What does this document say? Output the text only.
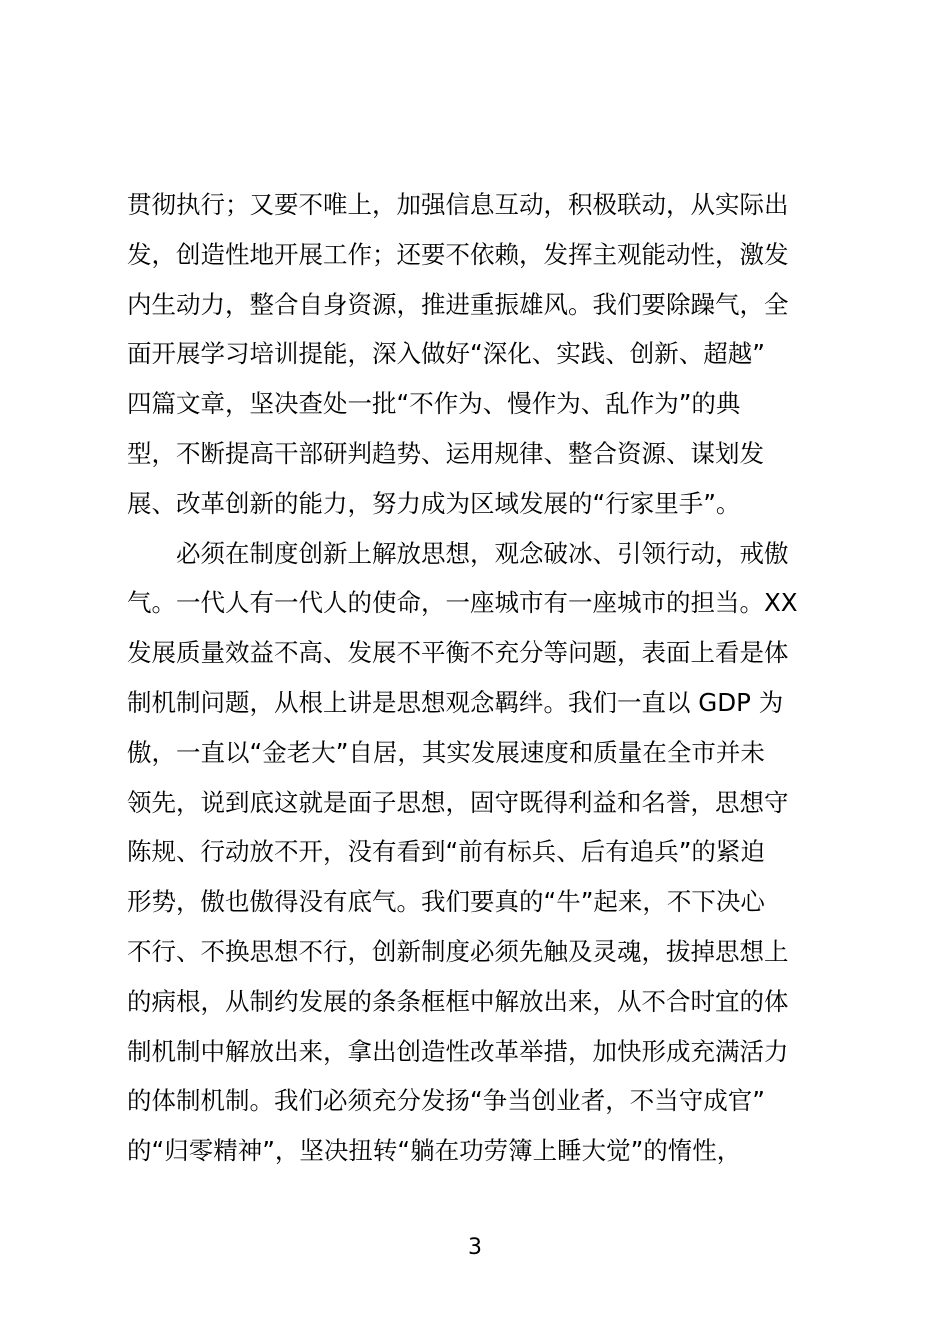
贯彻执行；又要不唯上，加强信息互动，积极联动，从实际出
发，创造性地开展工作；还要不依赖，发挥主观能动性，激发
内生动力，整合自身资源，推进重振雄风。我们要除躁气，全
面开展学习培训提能，深入做好“深化、实践、创新、超越”
四篇文章，坚决查处一批“不作为、慢作为、乱作为”的典
型，不断提高干部研判趋势、运用规律、整合资源、谋划发
展、改革创新的能力，努力成为区域发展的“行家里手”。
必须在制度创新上解放思想，观念破冰、引领行动，戒傲
气。一代人有一代人的使命，一座城市有一座城市的担当。XX
发展质量效益不高、发展不平衡不充分等问题，表面上看是体
制机制问题，从根上讲是思想观念羁绊。我们一直以 GDP 为
傲，一直以“金老大”自居，其实发展速度和质量在全市并未
领先，说到底这就是面子思想，固守既得利益和名誉，思想守
陈规、行动放不开，没有看到“前有标兵、后有追兵”的紧迫
形势，傲也傲得没有底气。我们要真的“牛”起来，不下决心
不行、不换思想不行，创新制度必须先触及灵魂，拔掉思想上
的病根，从制约发展的条条框框中解放出来，从不合时宜的体
制机制中解放出来，拿出创造性改革举措，加快形成充满活力
的体制机制。我们必须充分发扬“争当创业者，不当守成官”
的“归零精神”，坚决扭转“躺在功劳簿上睡大觉”的惰性，
3
